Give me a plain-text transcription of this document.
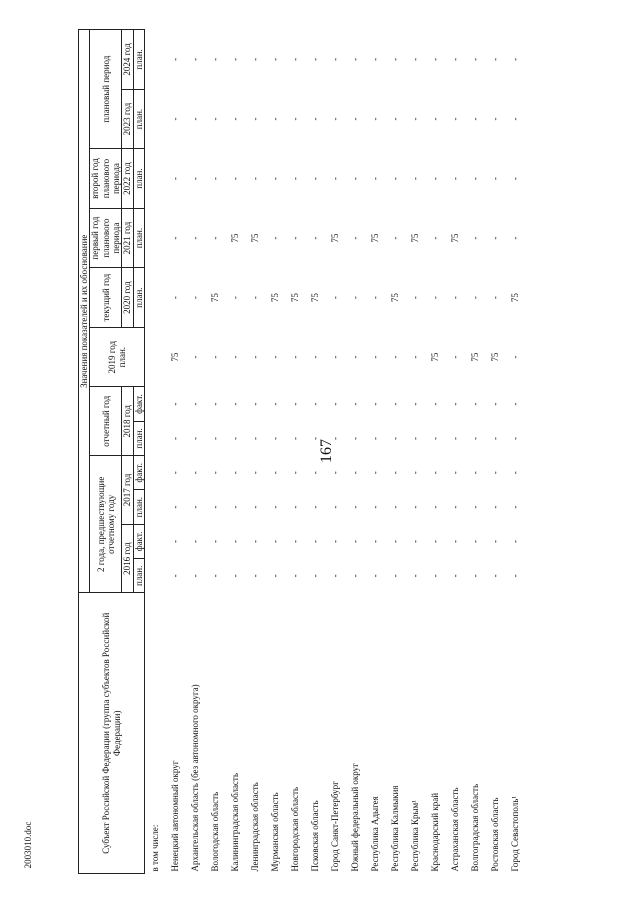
167
2003010.doc	Субъект Российской Федерации (группа субъектов Российской Федерации)	Значения показателей и их обоснование											
	2 года, предшествующие отчетному году				отчетный год		2019 год план.	текущий год	первый год планового периода	второй год планового периода	плановый период	
	2016 год		2017 год		2018 год			2020 год	2021 год	2022 год	2023 год	2024 год
	план.	факт.	план.	факт.	план.	факт.		план.	план.	план.	план.	план.
в том числе:												
Ненецкий автономный округ	-	-	-	-	-	-	75	-	-	-	-	-
Архангельская область (без автономного округа)	-	-	-	-	-	-	-	-	-	-	-	-
Вологодская область	-	-	-	-	-	-	-	75	-	-	-	-
Калининградская область	-	-	-	-	-	-	-	-	75	-	-	-
Ленинградская область	-	-	-	-	-	-	-	-	75	-	-	-
Мурманская область	-	-	-	-	-	-	-	75	-	-	-	-
Новгородская область	-	-	-	-	-	-	-	75	-	-	-	-
Псковская область	-	-	-	-	-	-	-	75	-	-	-	-
Город Санкт-Петербург	-	-	-	-	-	-	-	-	75	-	-	-
Южный федеральный округ	-	-	-	-	-	-	-	-	-	-	-	-
Республика Адыгея	-	-	-	-	-	-	-	-	75	-	-	-
Республика Калмыкия	-	-	-	-	-	-	-	75	-	-	-	-
Республика Крым¹	-	-	-	-	-	-	-	-	75	-	-	-
Краснодарский край	-	-	-	-	-	-	75	-	-	-	-	-
Астраханская область	-	-	-	-	-	-	-	-	75	-	-	-
Волгоградская область	-	-	-	-	-	-	75	-	-	-	-	-
Ростовская область	-	-	-	-	-	-	75	-	-	-	-	-
Город Севастополь¹	-	-	-	-	-	-	-	75	-	-	-	-
